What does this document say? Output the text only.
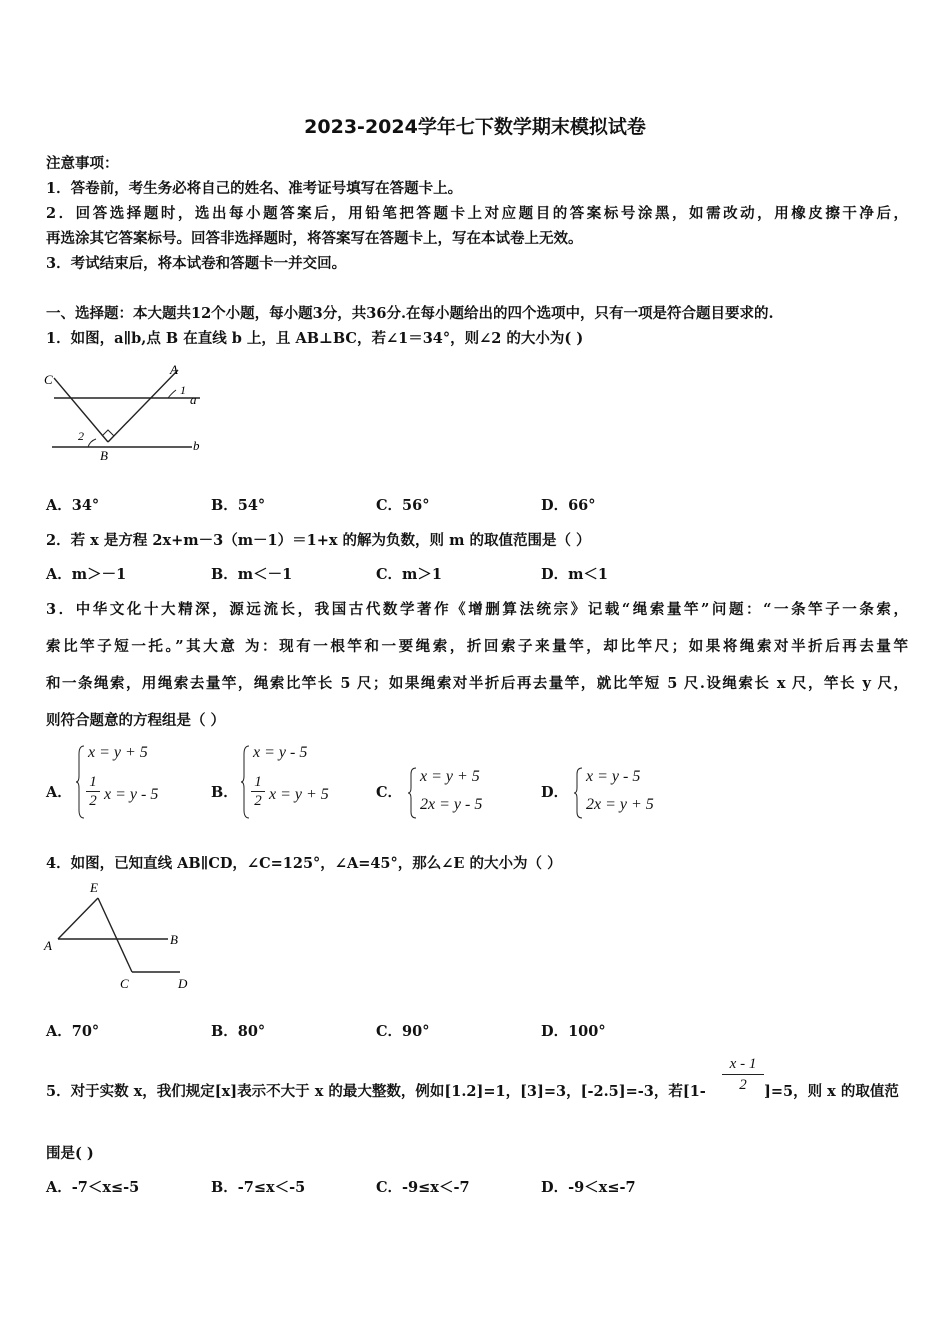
2023-2024学年七下数学期末模拟试卷
注意事项：
1．答卷前，考生务必将自己的姓名、准考证号填写在答题卡上。
2．回答选择题时，选出每小题答案后，用铅笔把答题卡上对应题目的答案标号涂黑，如需改动，用橡皮擦干净后，
再选涂其它答案标号。回答非选择题时，将答案写在答题卡上，写在本试卷上无效。
3．考试结束后，将本试卷和答题卡一并交回。
一、选择题：本大题共12个小题，每小题3分，共36分.在每小题给出的四个选项中，只有一项是符合题目要求的.
1．如图，a∥b,点 B 在直线 b 上，且 AB⊥BC，若∠1＝34°，则∠2 的大小为( )
C
A
1
a
2
B
b
A．34°	B．54°	C．56°	D．66°
2．若 x 是方程 2x+m－3（m－1）＝1+x 的解为负数，则 m 的取值范围是（ ）
A．m＞－1	B．m＜－1	C．m＞1	D．m＜1
3．中华文化十大精深，源远流长，我国古代数学著作《增删算法统宗》记载“绳索量竿”问题：“一条竿子一条索，
索比竿子短一托。”其大意 为：现有一根竿和一要绳索，折回索子来量竿，却比竿尺；如果将绳索对半折后再去量竿
和一条绳索，用绳索去量竿，绳索比竿长 5 尺；如果绳索对半折后再去量竿，就比竿短 5 尺.设绳索长 x 尺，竿长 y 尺，
则符合题意的方程组是（ ）
A．
x = y + 5
$\frac{1}{2}$ x = y - 5	B．
x = y - 5
$\frac{1}{2}$ x = y + 5	C．
x = y + 5
2x = y - 5
D．
x = y - 5
2x = y + 5
4．如图，已知直线 AB∥CD，∠C=125°，∠A=45°，那么∠E 的大小为（ ）
E
A	B
C	D
A．70°	B．80°	C．90°	D．100°
5．对于实数 x，我们规定[x]表示不大于 x 的最大整数，例如[1.2]=1，[3]=3，[-2.5]=-3，若$[1- \frac{x - 1}{2} ]=5$，则 x 的取值范
围是( )
A．-7＜x≤-5	B．-7≤x＜-5	C．-9≤x＜-7	D．-9＜x≤-7
